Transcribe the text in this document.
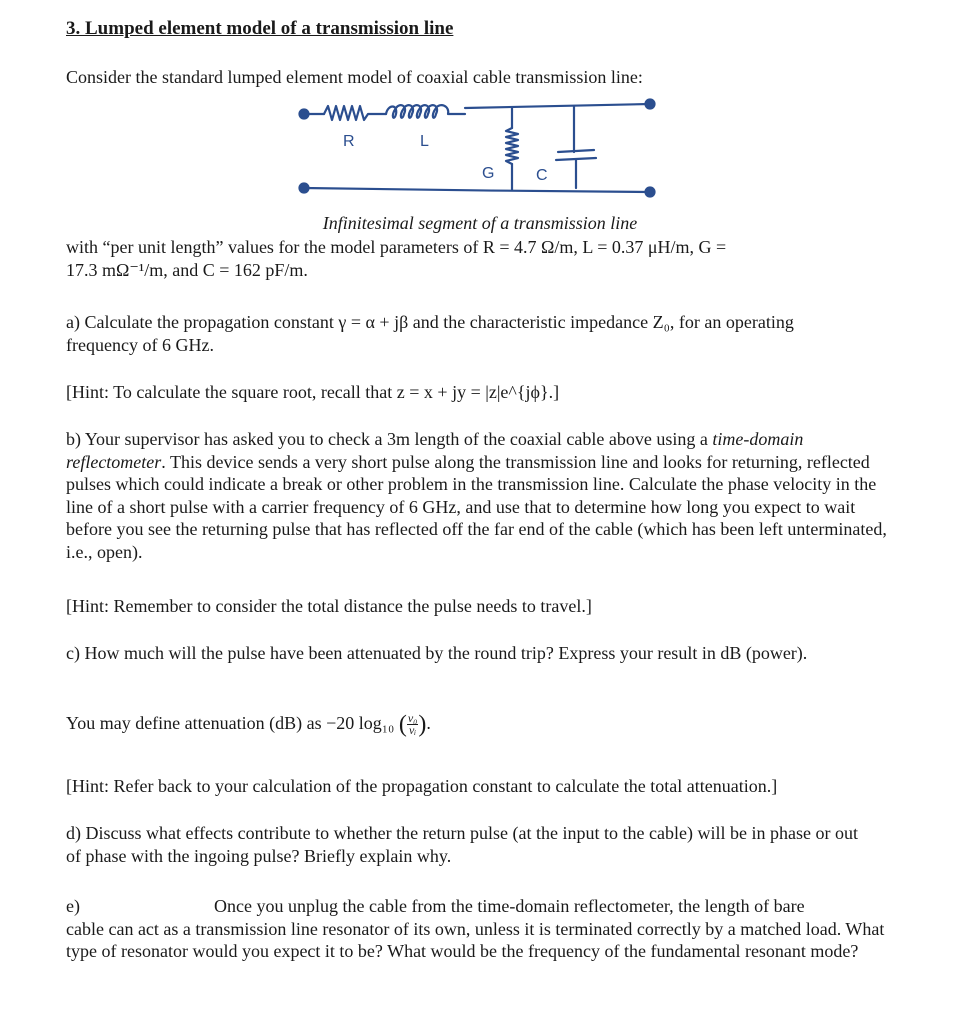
3. Lumped element model of a transmission line
Consider the standard lumped element model of coaxial cable transmission line:
R	L
G	C
Infinitesimal segment of a transmission line
with “per unit length” values for the model parameters of R = 4.7 Ω/m, L = 0.37 μH/m, G =
17.3 mΩ⁻¹/m, and C = 162 pF/m.
a) Calculate the propagation constant γ = α + jβ and the characteristic impedance Z₀, for an operating frequency of 6 GHz.
[Hint: To calculate the square root, recall that z = x + jy = |z|e^{jϕ}.]
b) Your supervisor has asked you to check a 3m length of the coaxial cable above using a time-domain reflectometer. This device sends a very short pulse along the transmission line and looks for returning, reflected pulses which could indicate a break or other problem in the transmission line. Calculate the phase velocity in the line of a short pulse with a carrier frequency of 6 GHz, and use that to determine how long you expect to wait before you see the returning pulse that has reflected off the far end of the cable (which has been left unterminated, i.e., open).
[Hint: Remember to consider the total distance the pulse needs to travel.]
c) How much will the pulse have been attenuated by the round trip? Express your result in dB (power).
You may define attenuation (dB) as −20 log₁₀ ( $\frac{\text{v₀}}{\text{vᵢ}}$ ).
[Hint: Refer back to your calculation of the propagation constant to calculate the total attenuation.]
d) Discuss what effects contribute to whether the return pulse (at the input to the cable) will be in phase or out of phase with the ingoing pulse? Briefly explain why.
e)	Once you unplug the cable from the time-domain reflectometer, the length of bare
cable can act as a transmission line resonator of its own, unless it is terminated correctly by a matched load. What type of resonator would you expect it to be? What would be the frequency of the fundamental resonant mode?
